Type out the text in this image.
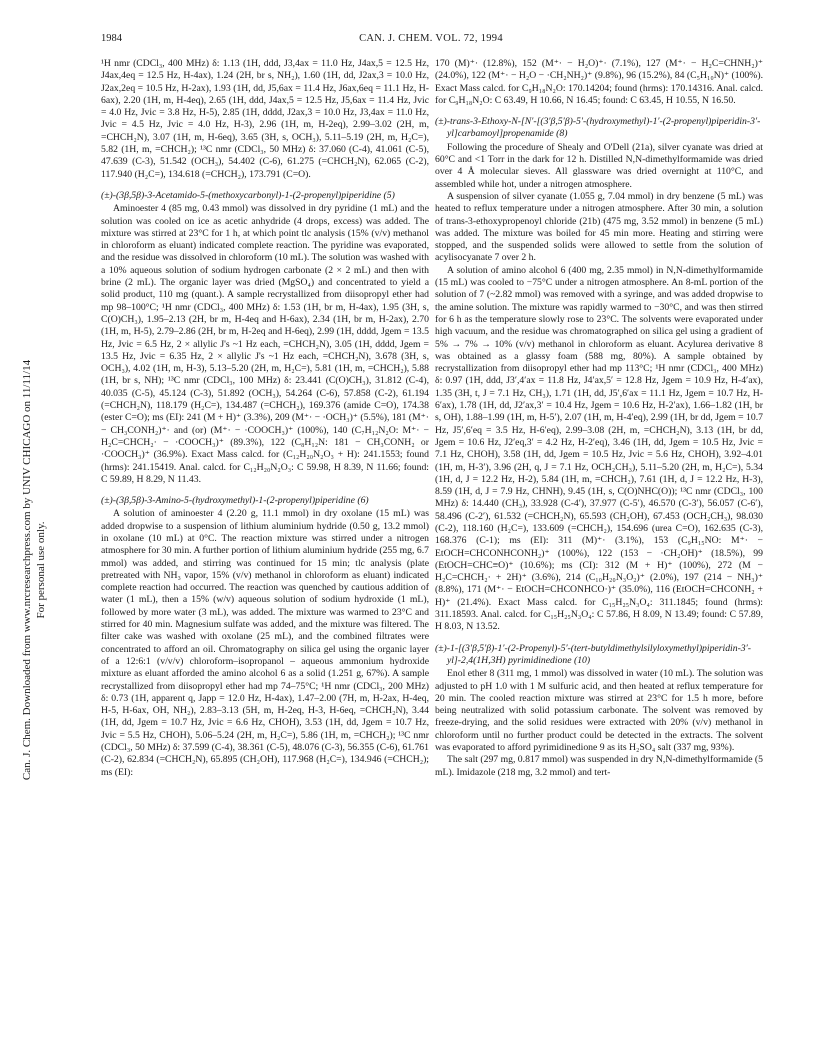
1984	CAN. J. CHEM. VOL. 72, 1994
Can. J. Chem. Downloaded from www.nrcresearchpress.com by UNIV CHICAGO on 11/11/14 For personal use only.

¹H nmr (CDCl₃, 400 MHz) δ: 1.13 (1H, ddd, J3,4ax = 11.0 Hz, J4ax,5 = 12.5 Hz, J4ax,4eq = 12.5 Hz, H-4ax), 1.24 (2H, br s, NH₂), 1.60 (1H, dd, J2ax,3 = 10.0 Hz, J2ax,2eq = 10.5 Hz, H-2ax), 1.93 (1H, dd, J5,6ax = 11.4 Hz, J6ax,6eq = 11.1 Hz, H-6ax), 2.20 (1H, m, H-4eq), 2.65 (1H, ddd, J4ax,5 = 12.5 Hz, J5,6ax = 11.4 Hz, Jvic = 4.0 Hz, Jvic = 3.8 Hz, H-5), 2.85 (1H, dddd, J2ax,3 = 10.0 Hz, J3,4ax = 11.0 Hz, Jvic = 4.5 Hz, Jvic = 4.0 Hz, H-3), 2.96 (1H, m, H-2eq), 2.99–3.02 (2H, m, =CHCH₂N), 3.07 (1H, m, H-6eq), 3.65 (3H, s, OCH₃), 5.11–5.19 (2H, m, H₂C=), 5.82 (1H, m, =CHCH₂); ¹³C nmr (CDCl₃, 50 MHz) δ: 37.060 (C-4), 41.061 (C-5), 47.639 (C-3), 51.542 (OCH₃), 54.402 (C-6), 61.275 (=CHCH₂N), 62.065 (C-2), 117.940 (H₂C=), 134.618 (=CHCH₂), 173.791 (C=O).

(±)-(3β,5β)-3-Acetamido-5-(methoxycarbonyl)-1-(2-propenyl)piperidine (5)

Aminoester 4 (85 mg, 0.43 mmol) was dissolved in dry pyridine (1 mL) and the solution was cooled on ice as acetic anhydride (4 drops, excess) was added. The mixture was stirred at 23°C for 1 h, at which point tlc analysis (15% (v/v) methanol in chloroform as eluant) indicated complete reaction. The pyridine was evaporated, and the residue was dissolved in chloroform (10 mL). The solution was washed with a 10% aqueous solution of sodium hydrogen carbonate (2 × 2 mL) and then with brine (2 mL). The organic layer was dried (MgSO₄) and concentrated to yield a solid product, 110 mg (quant.). A sample recrystallized from diisopropyl ether had mp 98–100°C; ¹H nmr (CDCl₃, 400 MHz) δ: 1.53 (1H, br m, H-4ax), 1.95 (3H, s, C(O)CH₃), 1.95–2.13 (2H, br m, H-4eq and H-6ax), 2.34 (1H, br m, H-2ax), 2.70 (1H, m, H-5), 2.79–2.86 (2H, br m, H-2eq and H-6eq), 2.99 (1H, dddd, Jgem = 13.5 Hz, Jvic = 6.5 Hz, 2 × allylic J's ~1 Hz each, =CHCH₂N), 3.05 (1H, dddd, Jgem = 13.5 Hz, Jvic = 6.35 Hz, 2 × allylic J's ~1 Hz each, =CHCH₂N), 3.678 (3H, s, OCH₃), 4.02 (1H, m, H-3), 5.13–5.20 (2H, m, H₂C=), 5.81 (1H, m, =CHCH₂), 5.88 (1H, br s, NH); ¹³C nmr (CDCl₃, 100 MHz) δ: 23.441 (C(O)CH₃), 31.812 (C-4), 40.035 (C-5), 45.124 (C-3), 51.892 (OCH₃), 54.264 (C-6), 57.858 (C-2), 61.194 (=CHCH₂N), 118.179 (H₂C=), 134.487 (=CHCH₂), 169.376 (amide C=O), 174.38 (ester C=O); ms (EI): 241 (M + H)⁺ (3.3%), 209 (M⁺· − ·OCH₃)⁺ (5.5%), 181 (M⁺· − CH₃CONH₂)⁺· and (or) (M⁺· − ·COOCH₃)⁺ (100%), 140 (C₇H₁₂N₂O: M⁺· − H₂C=CHCH₂· − ·COOCH₃)⁺ (89.3%), 122 (C₈H₁₂N: 181 − CH₃CONH₂ or ·COOCH₃)⁺ (36.9%). Exact Mass calcd. for (C₁₂H₂₀N₂O₃ + H): 241.1553; found (hrms): 241.15419. Anal. calcd. for C₁₂H₂₀N₂O₃: C 59.98, H 8.39, N 11.66; found: C 59.89, H 8.29, N 11.43.

(±)-(3β,5β)-3-Amino-5-(hydroxymethyl)-1-(2-propenyl)piperidine (6)

A solution of aminoester 4 (2.20 g, 11.1 mmol) in dry oxolane (15 mL) was added dropwise to a suspension of lithium aluminium hydride (0.50 g, 13.2 mmol) in oxolane (10 mL) at 0°C. The reaction mixture was stirred under a nitrogen atmosphere for 30 min. A further portion of lithium aluminium hydride (255 mg, 6.7 mmol) was added, and stirring was continued for 15 min; tlc analysis (plate pretreated with NH₃ vapor, 15% (v/v) methanol in chloroform as eluant) indicated complete reaction had occurred. The reaction was quenched by cautious addition of water (1 mL), then a 15% (w/v) aqueous solution of sodium hydroxide (1 mL), followed by more water (3 mL), was added. The mixture was warmed to 23°C and stirred for 40 min. Magnesium sulfate was added, and the mixture was filtered. The filter cake was washed with oxolane (25 mL), and the combined filtrates were concentrated to afford an oil. Chromatography on silica gel using the organic layer of a 12:6:1 (v/v/v) chloroform–isopropanol – aqueous ammonium hydroxide mixture as eluant afforded the amino alcohol 6 as a solid (1.251 g, 67%). A sample recrystallized from diisopropyl ether had mp 74–75°C; ¹H nmr (CDCl₃, 200 MHz) δ: 0.73 (1H, apparent q, Japp = 12.0 Hz, H-4ax), 1.47–2.00 (7H, m, H-2ax, H-4eq, H-5, H-6ax, OH, NH₂), 2.83–3.13 (5H, m, H-2eq, H-3, H-6eq, =CHCH₂N), 3.44 (1H, dd, Jgem = 10.7 Hz, Jvic = 6.6 Hz, CHOH), 3.53 (1H, dd, Jgem = 10.7 Hz, Jvic = 5.5 Hz, CHOH), 5.06–5.24 (2H, m, H₂C=), 5.86 (1H, m, =CHCH₂); ¹³C nmr (CDCl₃, 50 MHz) δ: 37.599 (C-4), 38.361 (C-5), 48.076 (C-3), 56.355 (C-6), 61.761 (C-2), 62.834 (=CHCH₂N), 65.895 (CH₂OH), 117.968 (H₂C=), 134.946 (=CHCH₂); ms (EI):

170 (M)⁺· (12.8%), 152 (M⁺· − H₂O)⁺· (7.1%), 127 (M⁺· − H₂C=CHNH₂)⁺ (24.0%), 122 (M⁺· − H₂O − ·CH₂NH₂)⁺ (9.8%), 96 (15.2%), 84 (C₅H₁₀N)⁺ (100%). Exact Mass calcd. for C₉H₁₈N₂O: 170.14204; found (hrms): 170.14316. Anal. calcd. for C₉H₁₈N₂O: C 63.49, H 10.66, N 16.45; found: C 63.45, H 10.55, N 16.50.

(±)-trans-3-Ethoxy-N-[N′-[(3′β,5′β)-5′-(hydroxymethyl)-1′-(2-propenyl)piperidin-3′-yl]carbamoyl]propenamide (8)

Following the procedure of Shealy and O'Dell (21a), silver cyanate was dried at 60°C and <1 Torr in the dark for 12 h. Distilled N,N-dimethylformamide was dried over 4 Å molecular sieves. All glassware was dried overnight at 110°C, and assembled while hot, under a nitrogen atmosphere.

A suspension of silver cyanate (1.055 g, 7.04 mmol) in dry benzene (5 mL) was heated to reflux temperature under a nitrogen atmosphere. After 30 min, a solution of trans-3-ethoxypropenoyl chloride (21b) (475 mg, 3.52 mmol) in benzene (5 mL) was added. The mixture was boiled for 45 min more. Heating and stirring were stopped, and the suspended solids were allowed to settle from the solution of acylisocyanate 7 over 2 h.

A solution of amino alcohol 6 (400 mg, 2.35 mmol) in N,N-dimethylformamide (15 mL) was cooled to −75°C under a nitrogen atmosphere. An 8-mL portion of the solution of 7 (~2.82 mmol) was removed with a syringe, and was added dropwise to the amine solution. The mixture was rapidly warmed to −30°C, and was then stirred for 6 h as the temperature slowly rose to 23°C. The solvents were evaporated under high vacuum, and the residue was chromatographed on silica gel using a gradient of 5% → 7% → 10% (v/v) methanol in chloroform as eluant. Acylurea derivative 8 was obtained as a glassy foam (588 mg, 80%). A sample obtained by recrystallization from diisopropyl ether had mp 113°C; ¹H nmr (CDCl₃, 400 MHz) δ: 0.97 (1H, ddd, J3′,4′ax = 11.8 Hz, J4′ax,5′ = 12.8 Hz, Jgem = 10.9 Hz, H-4′ax), 1.35 (3H, t, J = 7.1 Hz, CH₃), 1.71 (1H, dd, J5′,6′ax = 11.1 Hz, Jgem = 10.7 Hz, H-6′ax), 1.78 (1H, dd, J2′ax,3′ = 10.4 Hz, Jgem = 10.6 Hz, H-2′ax), 1.66–1.82 (1H, br s, OH), 1.88–1.99 (1H, m, H-5′), 2.07 (1H, m, H-4′eq), 2.99 (1H, br dd, Jgem = 10.7 Hz, J5′,6′eq = 3.5 Hz, H-6′eq), 2.99–3.08 (2H, m, =CHCH₂N), 3.13 (1H, br dd, Jgem = 10.6 Hz, J2′eq,3′ = 4.2 Hz, H-2′eq), 3.46 (1H, dd, Jgem = 10.5 Hz, Jvic = 7.1 Hz, CHOH), 3.58 (1H, dd, Jgem = 10.5 Hz, Jvic = 5.6 Hz, CHOH), 3.92–4.01 (1H, m, H-3′), 3.96 (2H, q, J = 7.1 Hz, OCH₂CH₃), 5.11–5.20 (2H, m, H₂C=), 5.34 (1H, d, J = 12.2 Hz, H-2), 5.84 (1H, m, =CHCH₂), 7.61 (1H, d, J = 12.2 Hz, H-3), 8.59 (1H, d, J = 7.9 Hz, CHNH), 9.45 (1H, s, C(O)NHC(O)); ¹³C nmr (CDCl₃, 100 MHz) δ: 14.440 (CH₃), 33.928 (C-4′), 37.977 (C-5′), 46.570 (C-3′), 56.057 (C-6′), 58.496 (C-2′), 61.532 (=CHCH₂N), 65.593 (CH₂OH), 67.453 (OCH₂CH₃), 98.030 (C-2), 118.160 (H₂C=), 133.609 (=CHCH₂), 154.696 (urea C=O), 162.635 (C-3), 168.376 (C-1); ms (EI): 311 (M)⁺· (3.1%), 153 (C₉H₁₅NO: M⁺· − EtOCH=CHCONHCONH₂)⁺ (100%), 122 (153 − ·CH₂OH)⁺ (18.5%), 99 (EtOCH=CHC≡O)⁺ (10.6%); ms (CI): 312 (M + H)⁺ (100%), 272 (M − H₂C=CHCH₂· + 2H)⁺ (3.6%), 214 (C₁₀H₂₀N₃O₂)⁺ (2.0%), 197 (214 − NH₃)⁺ (8.8%), 171 (M⁺· − EtOCH=CHCONHCO·)⁺ (35.0%), 116 (EtOCH=CHCONH₂ + H)⁺ (21.4%). Exact Mass calcd. for C₁₅H₂₅N₃O₄: 311.1845; found (hrms): 311.18593. Anal. calcd. for C₁₅H₂₅N₃O₄: C 57.86, H 8.09, N 13.49; found: C 57.89, H 8.03, N 13.52.

(±)-1-[(3′β,5′β)-1′-(2-Propenyl)-5′-(tert-butyldimethylsilyloxymethyl)piperidin-3′-yl]-2,4(1H,3H) pyrimidinedione (10)

Enol ether 8 (311 mg, 1 mmol) was dissolved in water (10 mL). The solution was adjusted to pH 1.0 with 1 M sulfuric acid, and then heated at reflux temperature for 20 min. The cooled reaction mixture was stirred at 23°C for 1.5 h more, before being neutralized with solid potassium carbonate. The solvent was removed by freeze-drying, and the solid residues were extracted with 20% (v/v) methanol in chloroform until no further product could be detected in the extracts. The solvent was evaporated to afford pyrimidinedione 9 as its H₂SO₄ salt (337 mg, 93%).

The salt (297 mg, 0.817 mmol) was suspended in dry N,N-dimethylformamide (5 mL). Imidazole (218 mg, 3.2 mmol) and tert-
